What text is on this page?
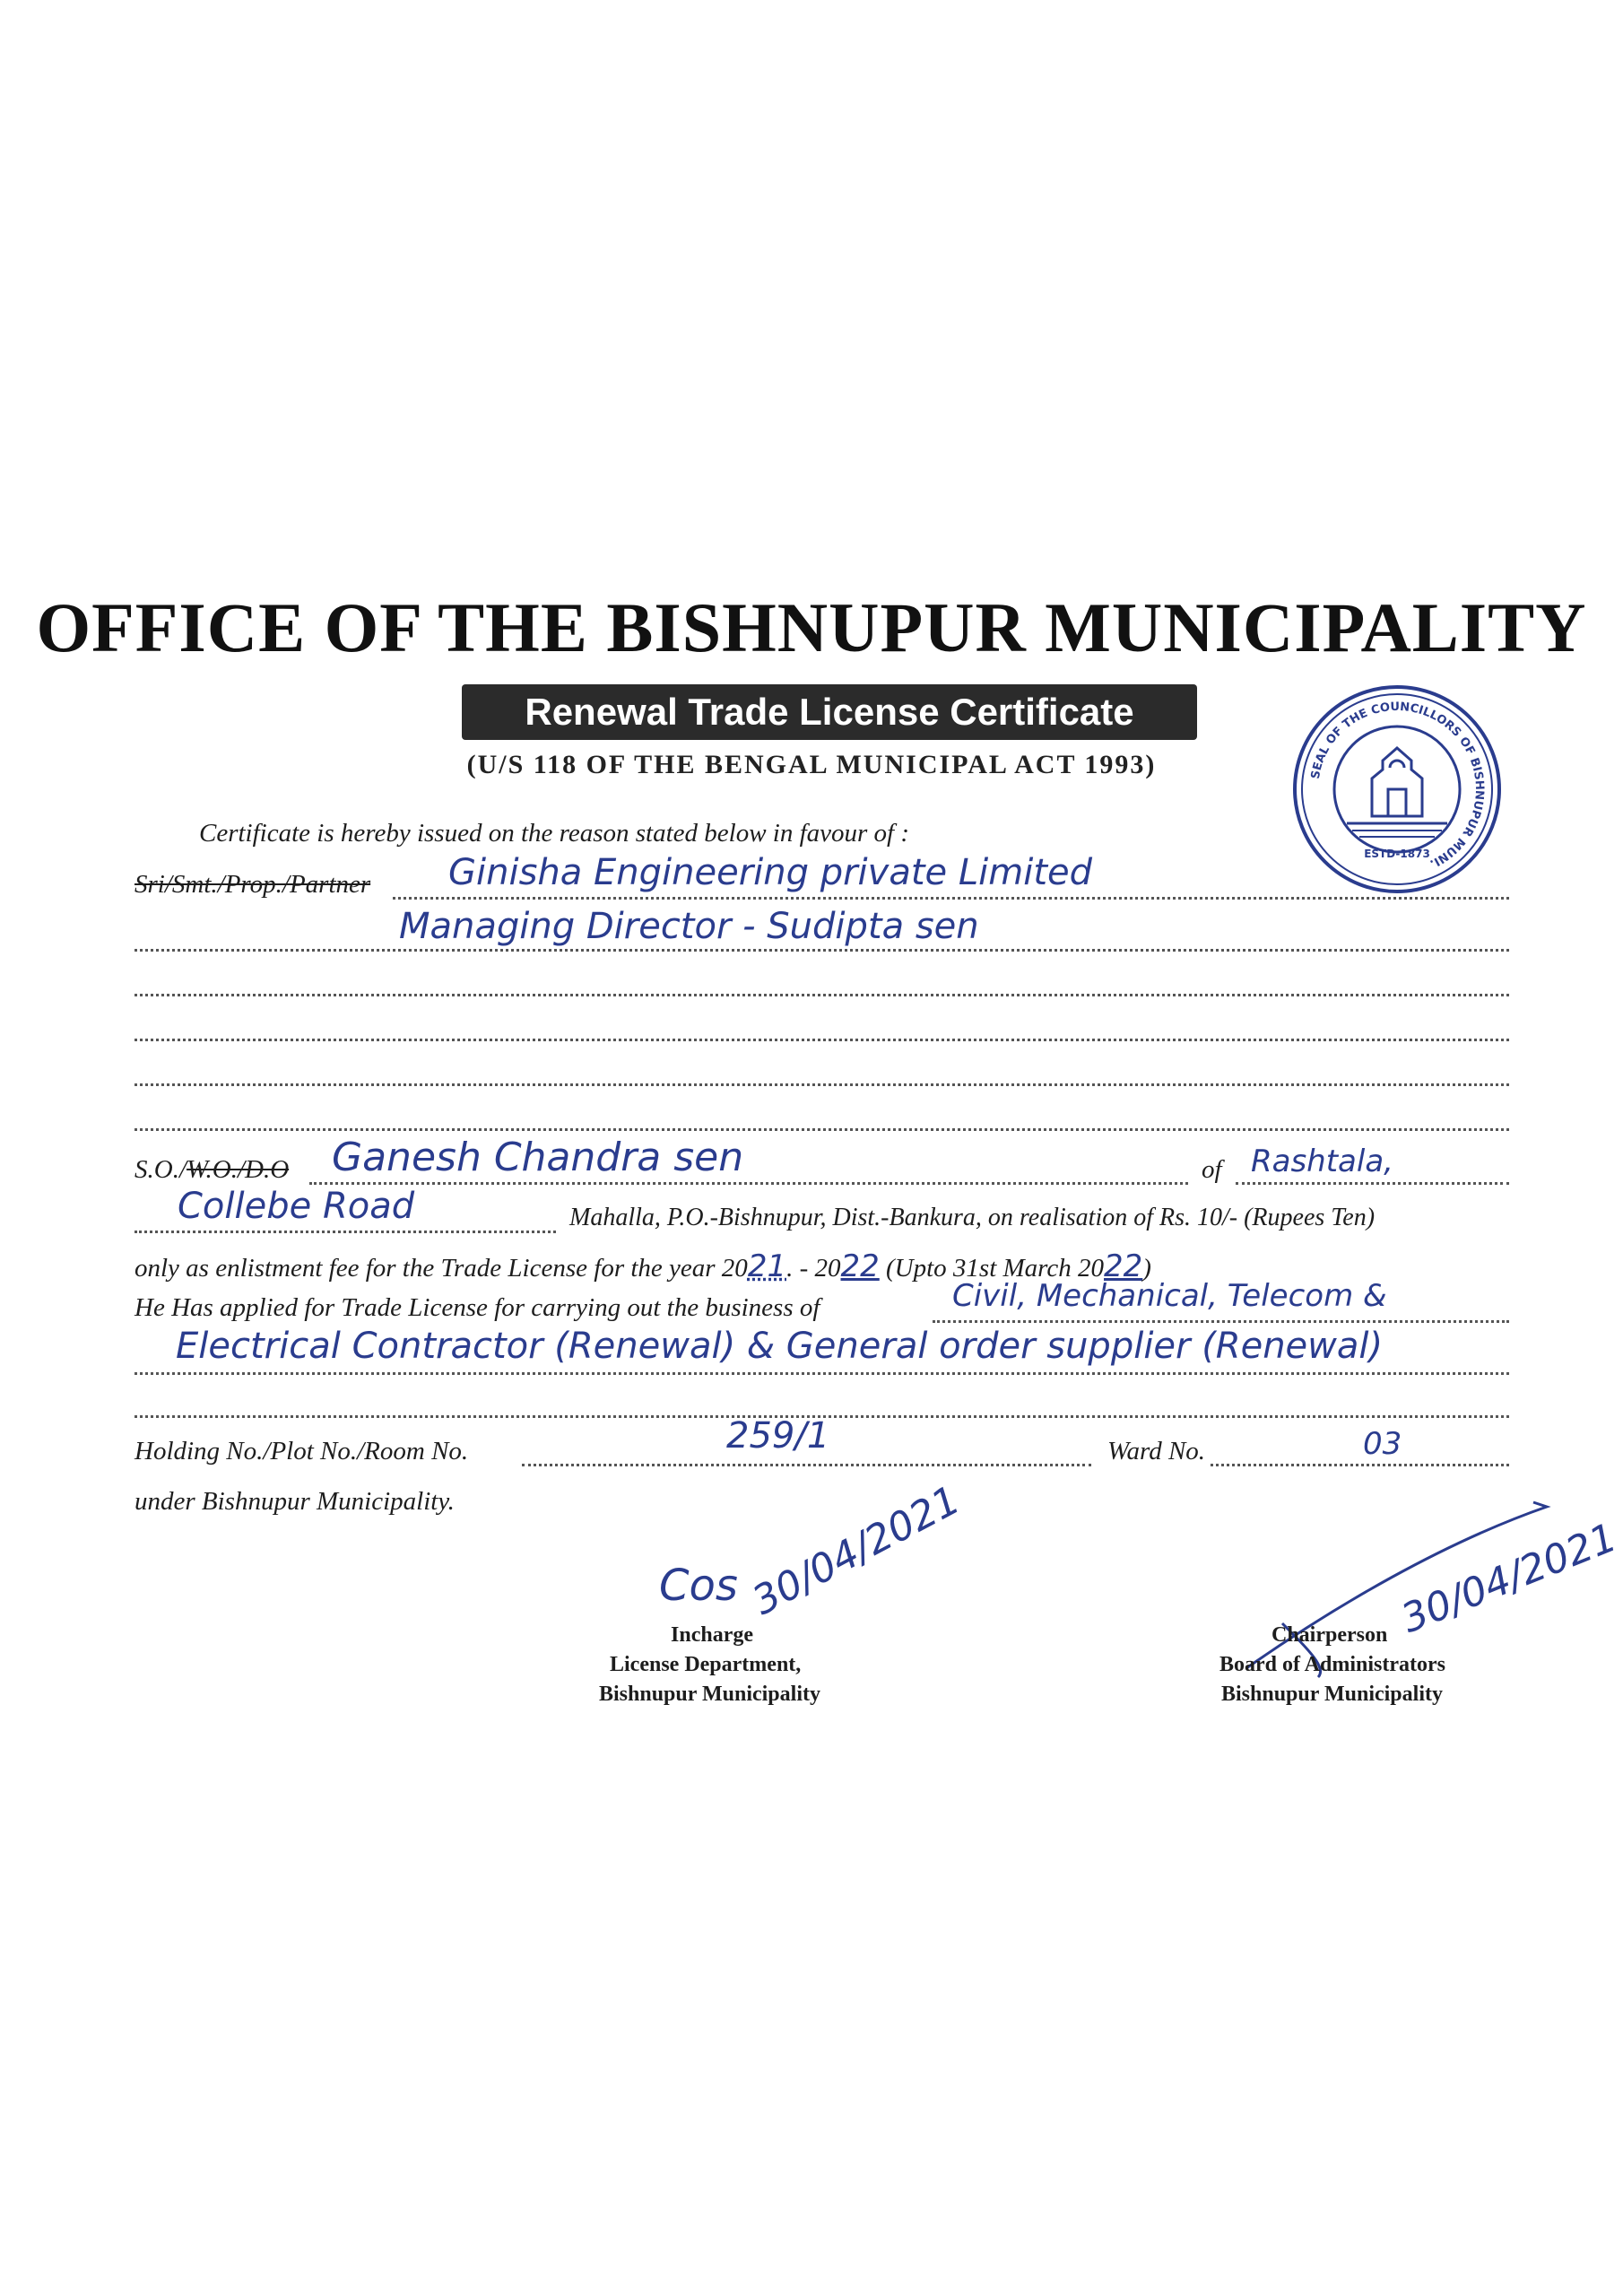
OFFICE OF THE BISHNUPUR MUNICIPALITY
Renewal Trade License Certificate
(U/S 118 OF THE BENGAL MUNICIPAL ACT 1993)	SEAL OF THE COUNCILLORS OF BISHNUPUR MUNI.
ESTD-1873
Certificate is hereby issued on the reason stated below in favour of :
Sri/Smt./Prop./Partner Ginisha Engineering private Limited
Managing Director - Sudipta sen
S.O./W.O./D.O Ganesh Chandra sen	of Rashtala,
Collebe Road	Mahalla, P.O.-Bishnupur, Dist.-Bankura, on realisation of Rs. 10/- (Rupees Ten)
only as enlistment fee for the Trade License for the year 2021. - 2022 (Upto 31st March 2022)
He Has applied for Trade License for carrying out the business of	Civil, Mechanical, Telecom &
Electrical Contractor (Renewal) & General order supplier (Renewal)
Holding No./Plot No./Room No.	259/1	Ward No.	03
under Bishnupur Municipality.
Cos 30/04/2021
Incharge
License Department,
Bishnupur Municipality
30/04/2021
Chairperson
Board of Administrators
Bishnupur Municipality
